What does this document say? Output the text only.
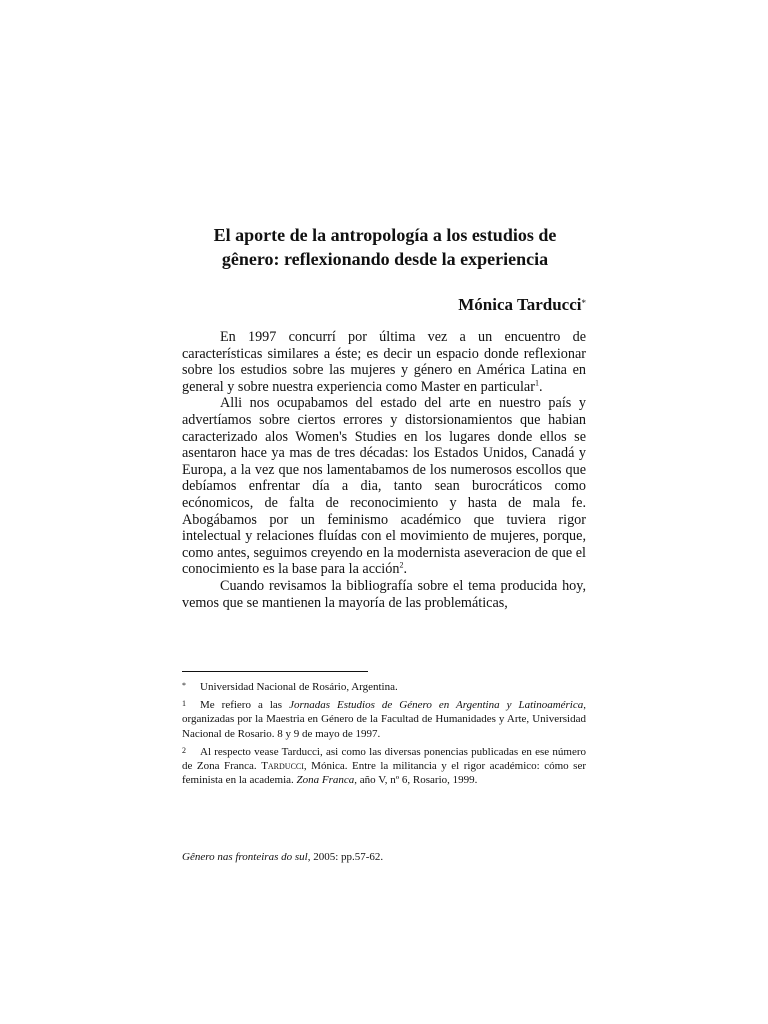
El aporte de la antropología a los estudios de
gênero: reflexionando desde la experiencia
Mónica Tarducci*

En 1997 concurrí por última vez a un encuentro de características similares a éste; es decir un espacio donde reflexionar sobre los estudios sobre las mujeres y género en América Latina en general y sobre nuestra experiencia como Master en particular$^1$.

Alli nos ocupabamos del estado del arte en nuestro país y advertíamos sobre ciertos errores y distorsionamientos que habian caracterizado alos Women's Studies en los lugares donde ellos se asentaron hace ya mas de tres décadas: los Estados Unidos, Canadá y Europa, a la vez que nos lamentabamos de los numerosos escollos que debíamos enfrentar día a dia, tanto sean burocráticos como ecónomicos, de falta de reconocimiento y hasta de mala fe. Abogábamos por un feminismo académico que tuviera rigor intelectual y relaciones fluídas con el movimiento de mujeres, porque, como antes, seguimos creyendo en la modernista aseveracion de que el conocimiento es la base para la acción$^2$.

Cuando revisamos la bibliografía sobre el tema producida hoy, vemos que se mantienen la mayoría de las problemáticas,

* Universidad Nacional de Rosário, Argentina.

1 Me refiero a las Jornadas Estudios de Género en Argentina y Latinoamérica, organizadas por la Maestria en Género de la Facultad de Humanidades y Arte, Universidad Nacional de Rosario. 8 y 9 de mayo de 1997.

2 Al respecto vease Tarducci, asi como las diversas ponencias publicadas en ese número de Zona Franca. Tarducci, Mónica. Entre la militancia y el rigor académico: cómo ser feminista en la academia. Zona Franca, año V, nº 6, Rosario, 1999.

Gênero nas fronteiras do sul, 2005: pp.57-62.
